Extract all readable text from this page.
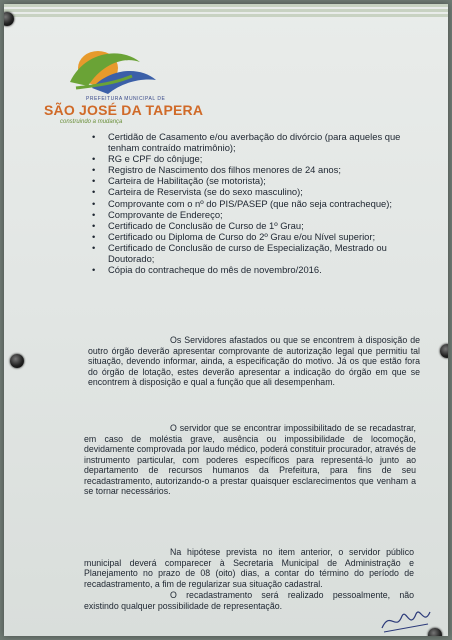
PREFEITURA MUNICIPAL DE
SÃO JOSÉ DA TAPERA
construindo a mudança
• Certidão de Casamento e/ou averbação do divórcio (para aqueles que tenham contraído matrimônio);
• RG e CPF do cônjuge;
• Registro de Nascimento dos filhos menores de 24 anos;
• Carteira de Habilitação (se motorista);
• Carteira de Reservista (se do sexo masculino);
• Comprovante com o nº do PIS/PASEP (que não seja contracheque);
• Comprovante de Endereço;
• Certificado de Conclusão de Curso de 1º Grau;
• Certificado ou Diploma de Curso do 2º Grau e/ou Nível superior;
• Certificado de Conclusão de curso de Especialização, Mestrado ou Doutorado;
• Cópia do contracheque do mês de novembro/2016.

Os Servidores afastados ou que se encontrem à disposição de outro órgão deverão apresentar comprovante de autorização legal que permitiu tal situação, devendo informar, ainda, a especificação do motivo. Já os que estão fora do órgão de lotação, estes deverão apresentar a indicação do órgão em que se encontrem à disposição e qual a função que ali desempenham.

O servidor que se encontrar impossibilitado de se recadastrar, em caso de moléstia grave, ausência ou impossibilidade de locomoção, devidamente comprovada por laudo médico, poderá constituir procurador, através de instrumento particular, com poderes específicos para representá-lo junto ao departamento de recursos humanos da Prefeitura, para fins de seu recadastramento, autorizando-o a prestar quaisquer esclarecimentos que venham a se tornar necessários.

Na hipótese prevista no item anterior, o servidor público municipal deverá comparecer à Secretaria Municipal de Administração e Planejamento no prazo de 08 (oito) dias, a contar do término do período de recadastramento, a fim de regularizar sua situação cadastral.

O recadastramento será realizado pessoalmente, não existindo qualquer possibilidade de representação.
